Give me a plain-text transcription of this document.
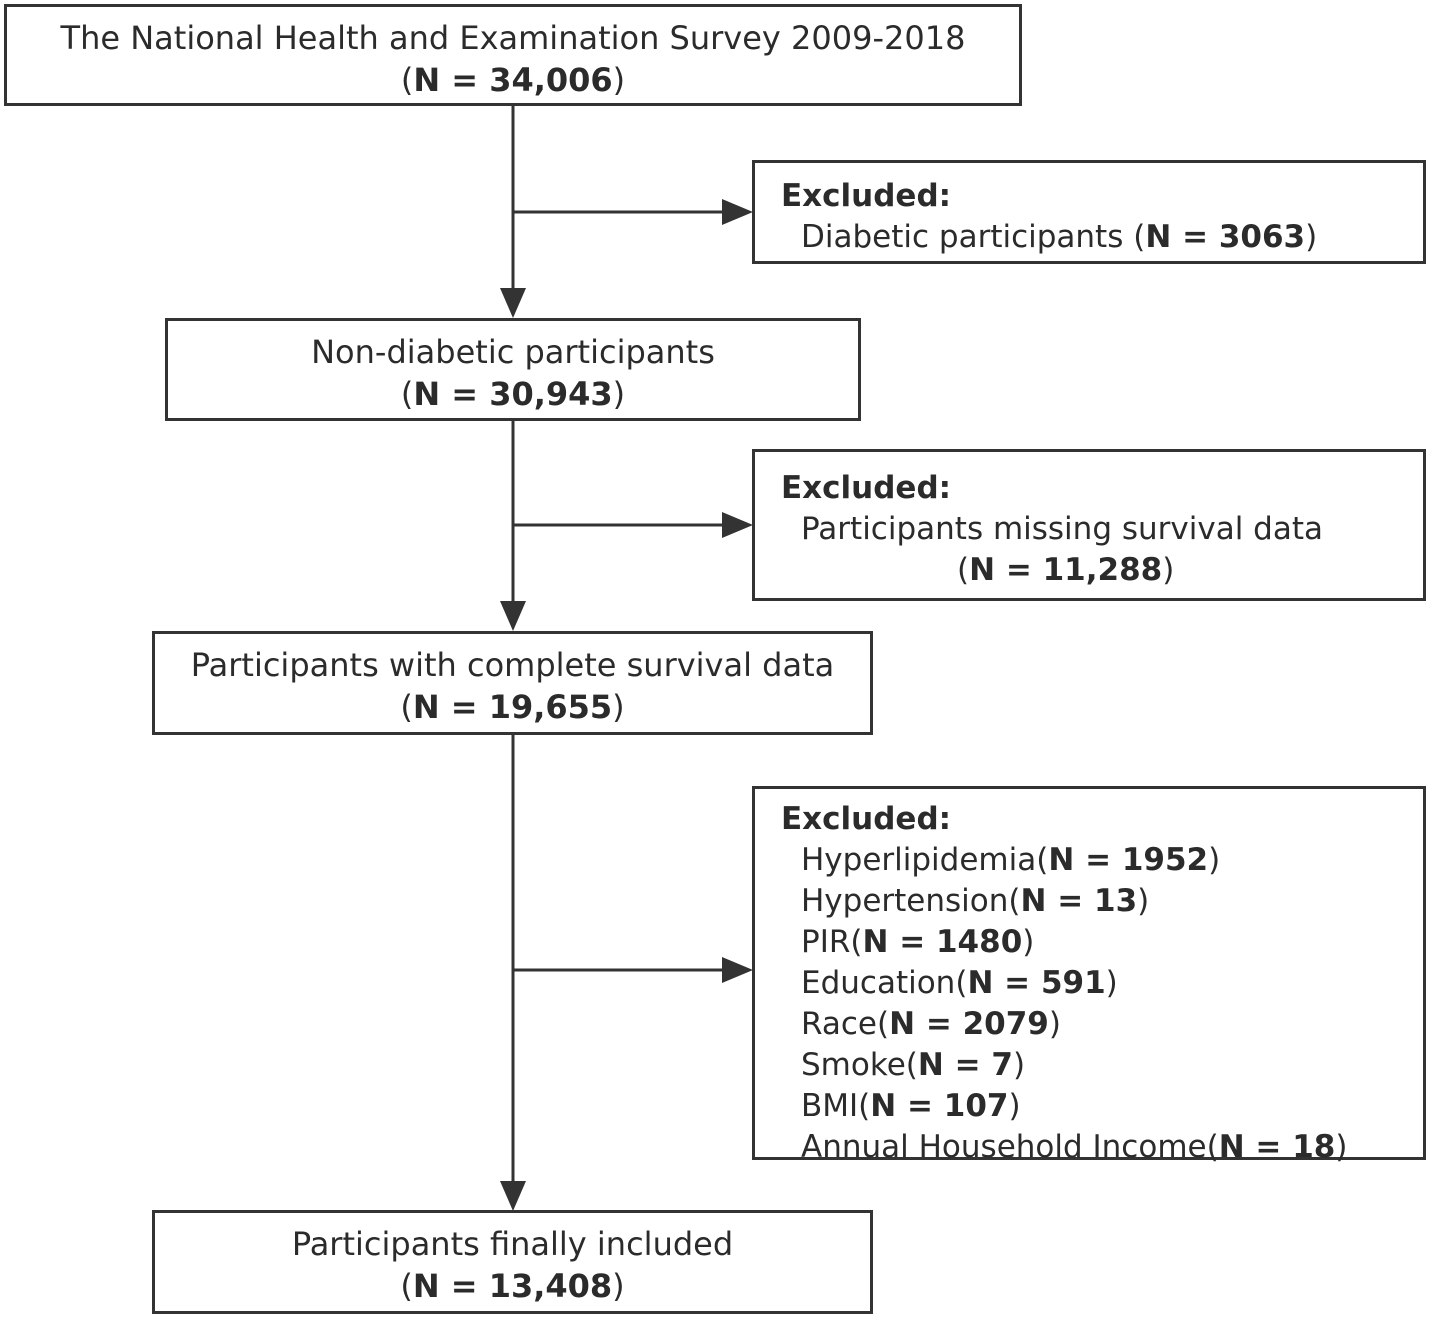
The National Health and Examination Survey 2009-2018
(N = 34,006)
Non-diabetic participants
(N = 30,943)
Participants with complete survival data
(N = 19,655)
Participants finally included
(N = 13,408)
Excluded:
Diabetic participants (N = 3063)
Excluded:
Participants missing survival data
(N = 11,288)
Excluded:
Hyperlipidemia(N = 1952)
Hypertension(N = 13)
PIR(N = 1480)
Education(N = 591)
Race(N = 2079)
Smoke(N = 7)
BMI(N = 107)
Annual Household Income(N = 18)
